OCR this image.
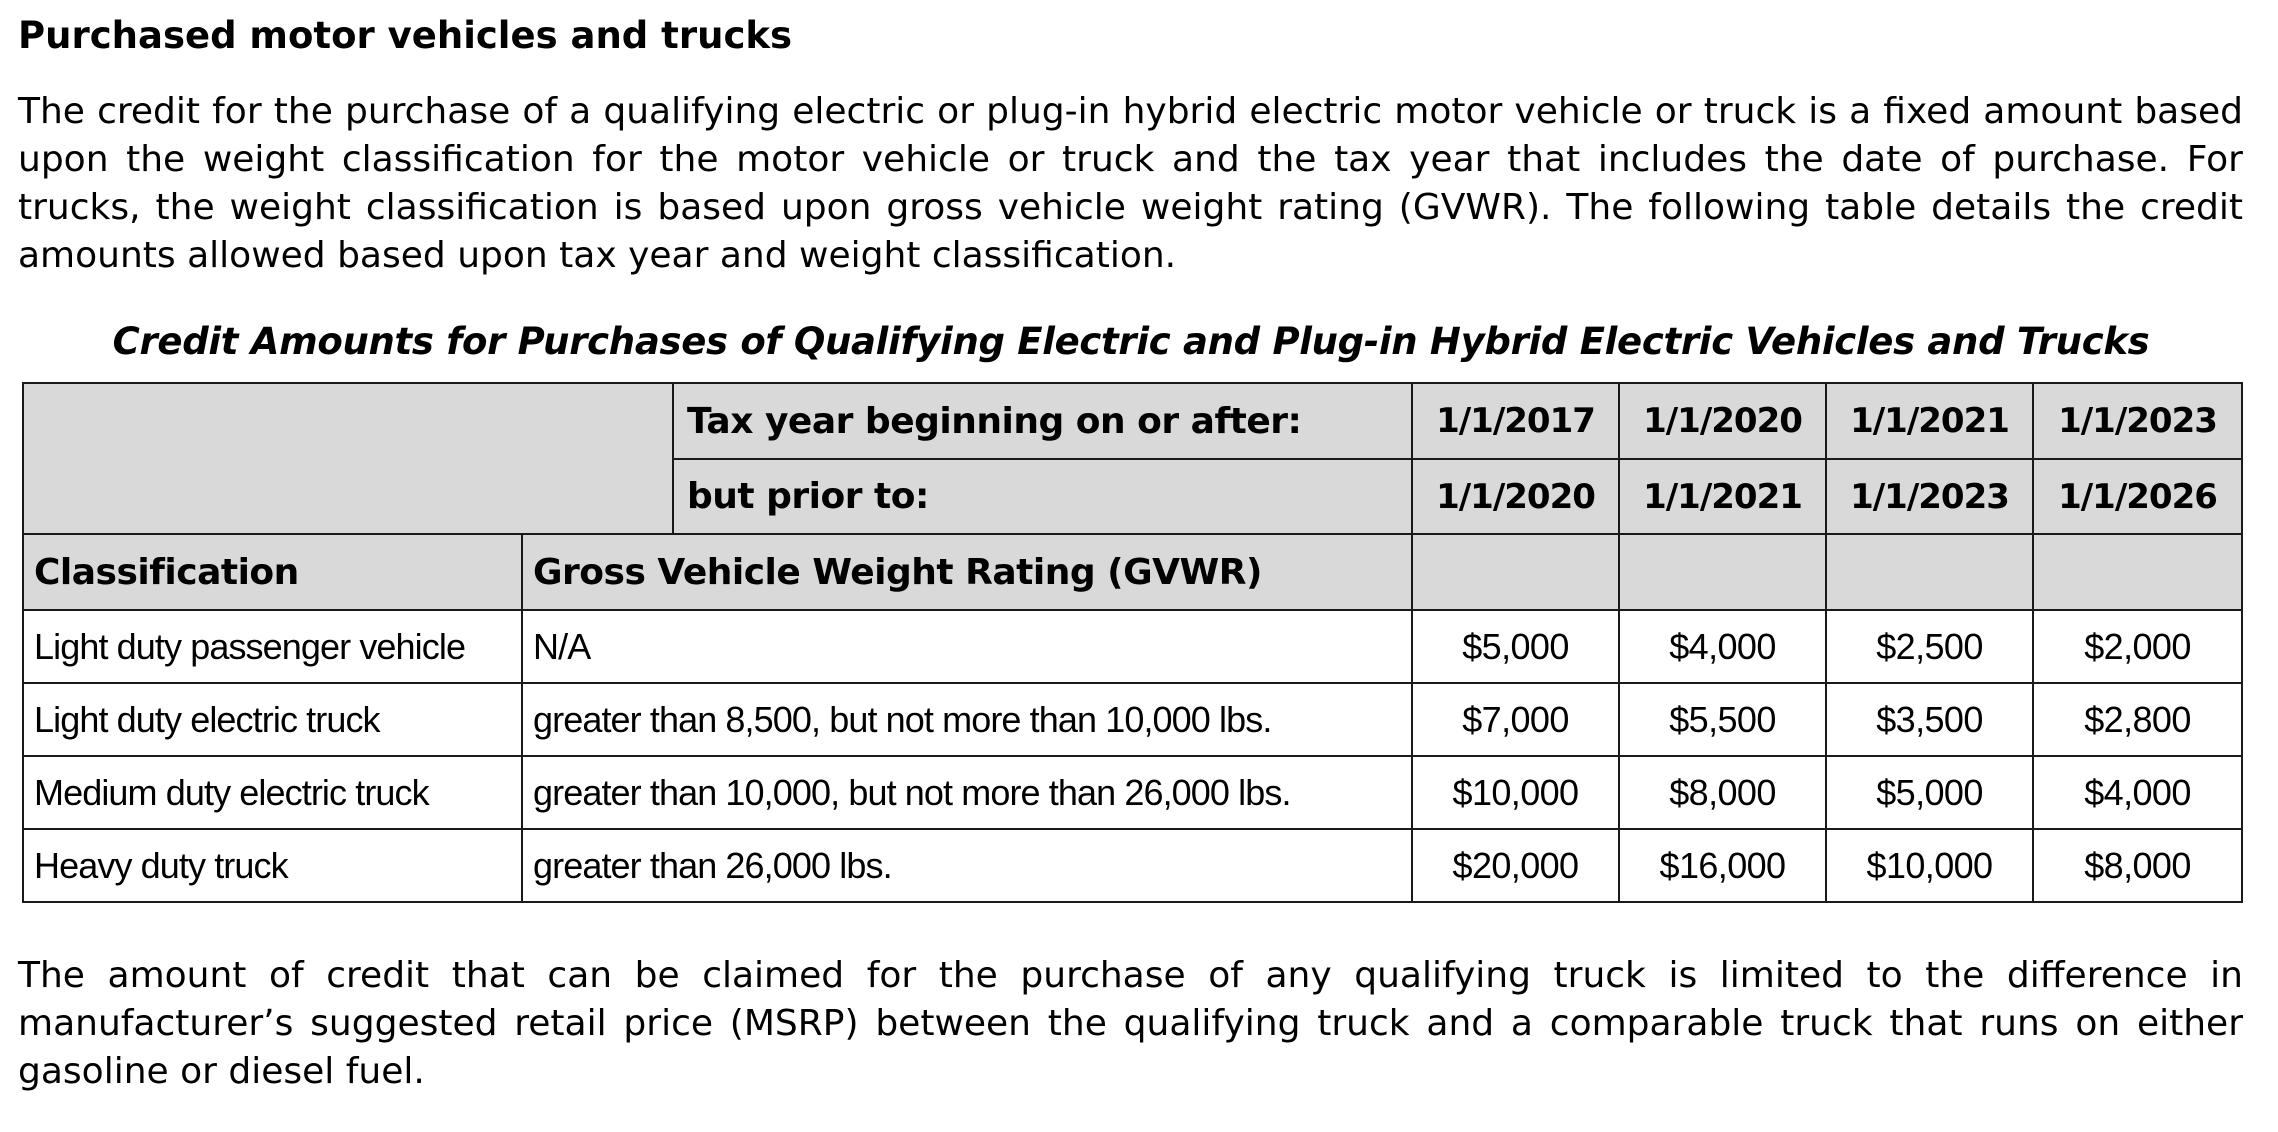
Purchased motor vehicles and trucks
The credit for the purchase of a qualifying electric or plug-in hybrid electric motor vehicle or truck is a fixed amount based upon the weight classification for the motor vehicle or truck and the tax year that includes the date of purchase. For trucks, the weight classification is based upon gross vehicle weight rating (GVWR). The following table details the credit amounts allowed based upon tax year and weight classification.
Credit Amounts for Purchases of Qualifying Electric and Plug-in Hybrid Electric Vehicles and Trucks
		Tax year beginning on or after:	1/1/2017	1/1/2020	1/1/2021	1/1/2023
		but prior to:	1/1/2020	1/1/2021	1/1/2023	1/1/2026
Classification	Gross Vehicle Weight Rating (GVWR)					
Light duty passenger vehicle	N/A		$5,000	$4,000	$2,500	$2,000
Light duty electric truck	greater than 8,500, but not more than 10,000 lbs.		$7,000	$5,500	$3,500	$2,800
Medium duty electric truck	greater than 10,000, but not more than 26,000 lbs.		$10,000	$8,000	$5,000	$4,000
Heavy duty truck	greater than 26,000 lbs.		$20,000	$16,000	$10,000	$8,000
The amount of credit that can be claimed for the purchase of any qualifying truck is limited to the difference in manufacturer’s suggested retail price (MSRP) between the qualifying truck and a comparable truck that runs on either gasoline or diesel fuel.
